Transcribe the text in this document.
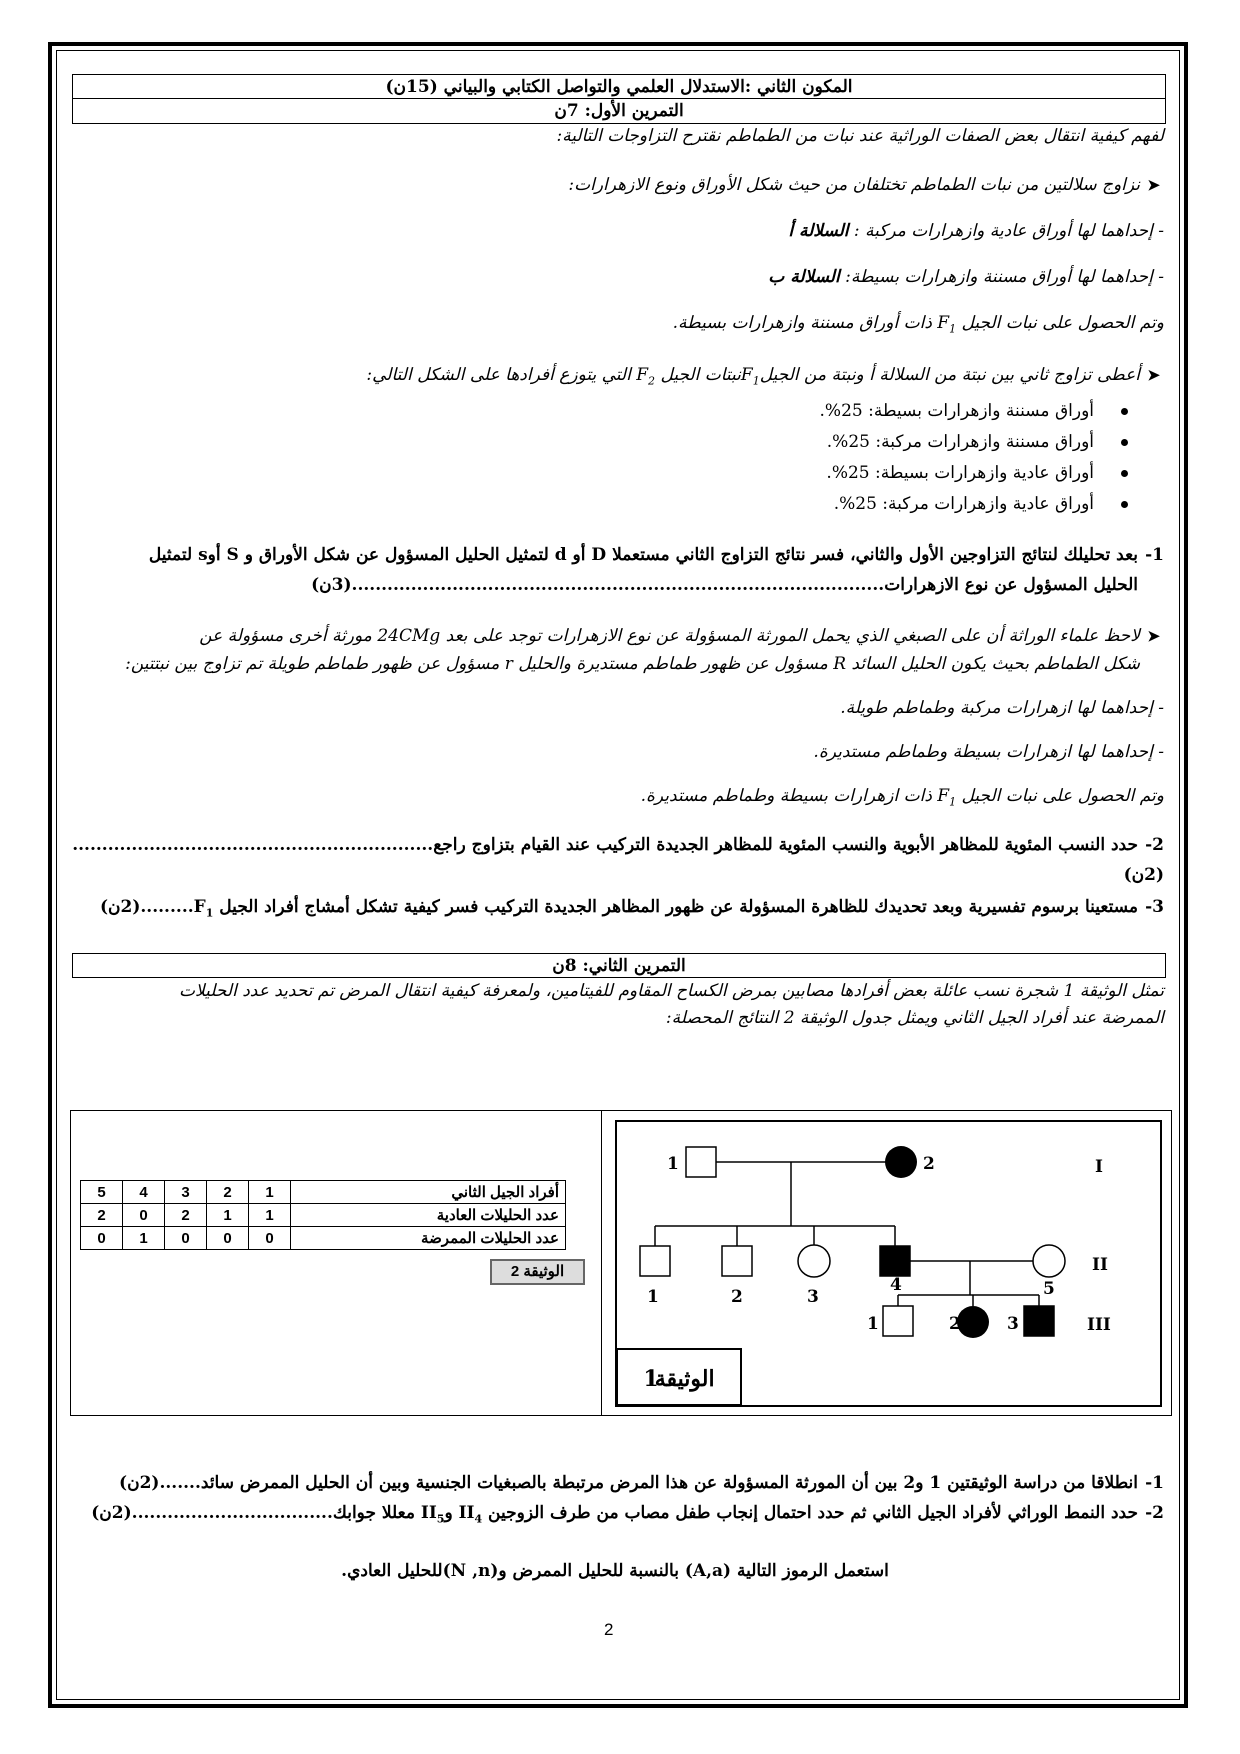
المكون الثاني :الاستدلال العلمي والتواصل الكتابي والبياني (15ن)
التمرين الأول: 7ن

لفهم كيفية انتقال بعض الصفات الوراثية عند نبات من الطماطم نقترح التزاوجات التالية:

➤نزاوج سلالتين من نبات الطماطم تختلفان من حيث شكل الأوراق ونوع الازهرارات:

- إحداهما لها أوراق عادية وازهرارات مركبة : السلالة أ

- إحداهما لها أوراق مسننة وازهرارات بسيطة: السلالة ب

وتم الحصول على نبات الجيل $F_1$ ذات أوراق مسننة وازهرارات بسيطة.

➤أعطى تزاوج ثاني بين نبتة من السلالة أ ونبتة من الجيلF$_1$نبتات الجيل $F_2$ التي يتوزع أفرادها على الشكل التالي:

أوراق مسننة وازهرارات بسيطة: 25%.
أوراق مسننة وازهرارات مركبة: 25%.
أوراق عادية وازهرارات بسيطة: 25%.
أوراق عادية وازهرارات مركبة: 25%.
1-بعد تحليلك لنتائج التزاوجين الأول والثاني، فسر نتائج التزاوج الثاني مستعملا D أو d لتمثيل الحليل المسؤول عن شكل الأوراق و S أوs لتمثيل
الحليل المسؤول عن نوع الازهرارات..........................................................................................(3ن)

➤لاحظ علماء الوراثة أن على الصبغي الذي يحمل المورثة المسؤولة عن نوع الازهرارات توجد على بعد 24CMg مورثة أخرى مسؤولة عن
شكل الطماطم بحيث يكون الحليل السائد R مسؤول عن ظهور طماطم مستديرة والحليل r مسؤول عن ظهور طماطم طويلة تم تزاوج بين نبتتين:

- إحداهما لها ازهرارات مركبة وطماطم طويلة.

- إحداهما لها ازهرارات بسيطة وطماطم مستديرة.

وتم الحصول على نبات الجيل $F_1$ ذات ازهرارات بسيطة وطماطم مستديرة.

2-حدد النسب المئوية للمظاهر الأبوية والنسب المئوية للمظاهر الجديدة التركيب عند القيام بتزاوج راجع.............................................................(2ن)
3-مستعينا برسوم تفسيرية وبعد تحديدك للظاهرة المسؤولة عن ظهور المظاهر الجديدة التركيب فسر كيفية تشكل أمشاج أفراد الجيل $F_1.........(2ن)$
التمرين الثاني: 8ن

تمثل الوثيقة 1 شجرة نسب عائلة بعض أفرادها مصابين بمرض الكساح المقاوم للفيتامين، ولمعرفة كيفية انتقال المرض تم تحديد عدد الحليلات
الممرضة عند أفراد الجيل الثاني ويمثل جدول الوثيقة 2 النتائج المحصلة:

أفراد الجيل الثاني	1	2	3	4	5
عدد الحليلات العادية	1	1	2	0	2
عدد الحليلات الممرضة	0	0	0	1	0
الوثيقة 2
1	2
1	2	3
4	5
1	2	3
I
II
III
الوثيقة1
1-انطلاقا من دراسة الوثيقتين 1 و2 بين أن المورثة المسؤولة عن هذا المرض مرتبطة بالصبغيات الجنسية وبين أن الحليل الممرض سائد.......(2ن)
2-حدد النمط الوراثي لأفراد الجيل الثاني ثم حدد احتمال إنجاب طفل مصاب من طرف الزوجين $II_4$ وII$_5$ معللا جوابك..................................(2ن)
استعمل الرموز التالية (A,a) بالنسبة للحليل الممرض و(N ,n)للحليل العادي.
2
